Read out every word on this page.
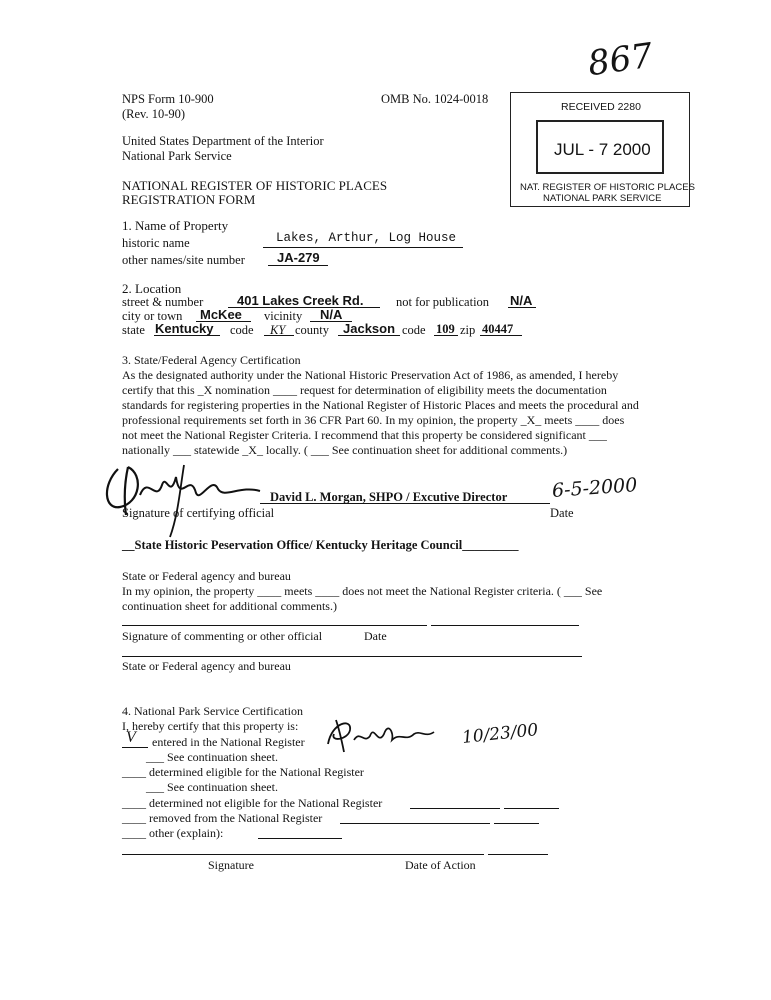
NPS Form 10-900
(Rev. 10-90)
OMB No. 1024-0018
867
United States Department of the Interior
National Park Service
NATIONAL REGISTER OF HISTORIC PLACES
REGISTRATION FORM
RECEIVED 2280
JUL - 7 2000
NAT. REGISTER OF HISTORIC PLACES
NATIONAL PARK SERVICE
1. Name of Property
historic name	Lakes, Arthur, Log House
other names/site number JA-279
2. Location
street & number	401 Lakes Creek Rd.	not for publication N/A
city or town McKee vicinity N/A
state Kentucky code KY county Jackson code 109 zip 40447
3. State/Federal Agency Certification
As the designated authority under the National Historic Preservation Act of 1986, as amended, I hereby
certify that this _X nomination ____ request for determination of eligibility meets the documentation
standards for registering properties in the National Register of Historic Places and meets the procedural and
professional requirements set forth in 36 CFR Part 60. In my opinion, the property _X_ meets ____ does
not meet the National Register Criteria. I recommend that this property be considered significant ___
nationally ___ statewide _X_ locally. ( ___ See continuation sheet for additional comments.)
David L. Morgan, SHPO / Excutive Director 6-5-2000
Signature of certifying official	Date
__State Historic Peservation Office/ Kentucky Heritage Council_________
State or Federal agency and bureau
In my opinion, the property ____ meets ____ does not meet the National Register criteria. ( ___ See
continuation sheet for additional comments.)
Signature of commenting or other official	Date
State or Federal agency and bureau
4. National Park Service Certification
I, hereby certify that this property is:
V entered in the National Register	10/23/00
___ See continuation sheet.
____ determined eligible for the National Register
___ See continuation sheet.
____ determined not eligible for the National Register
____ removed from the National Register
____ other (explain):
Signature	Date of Action
